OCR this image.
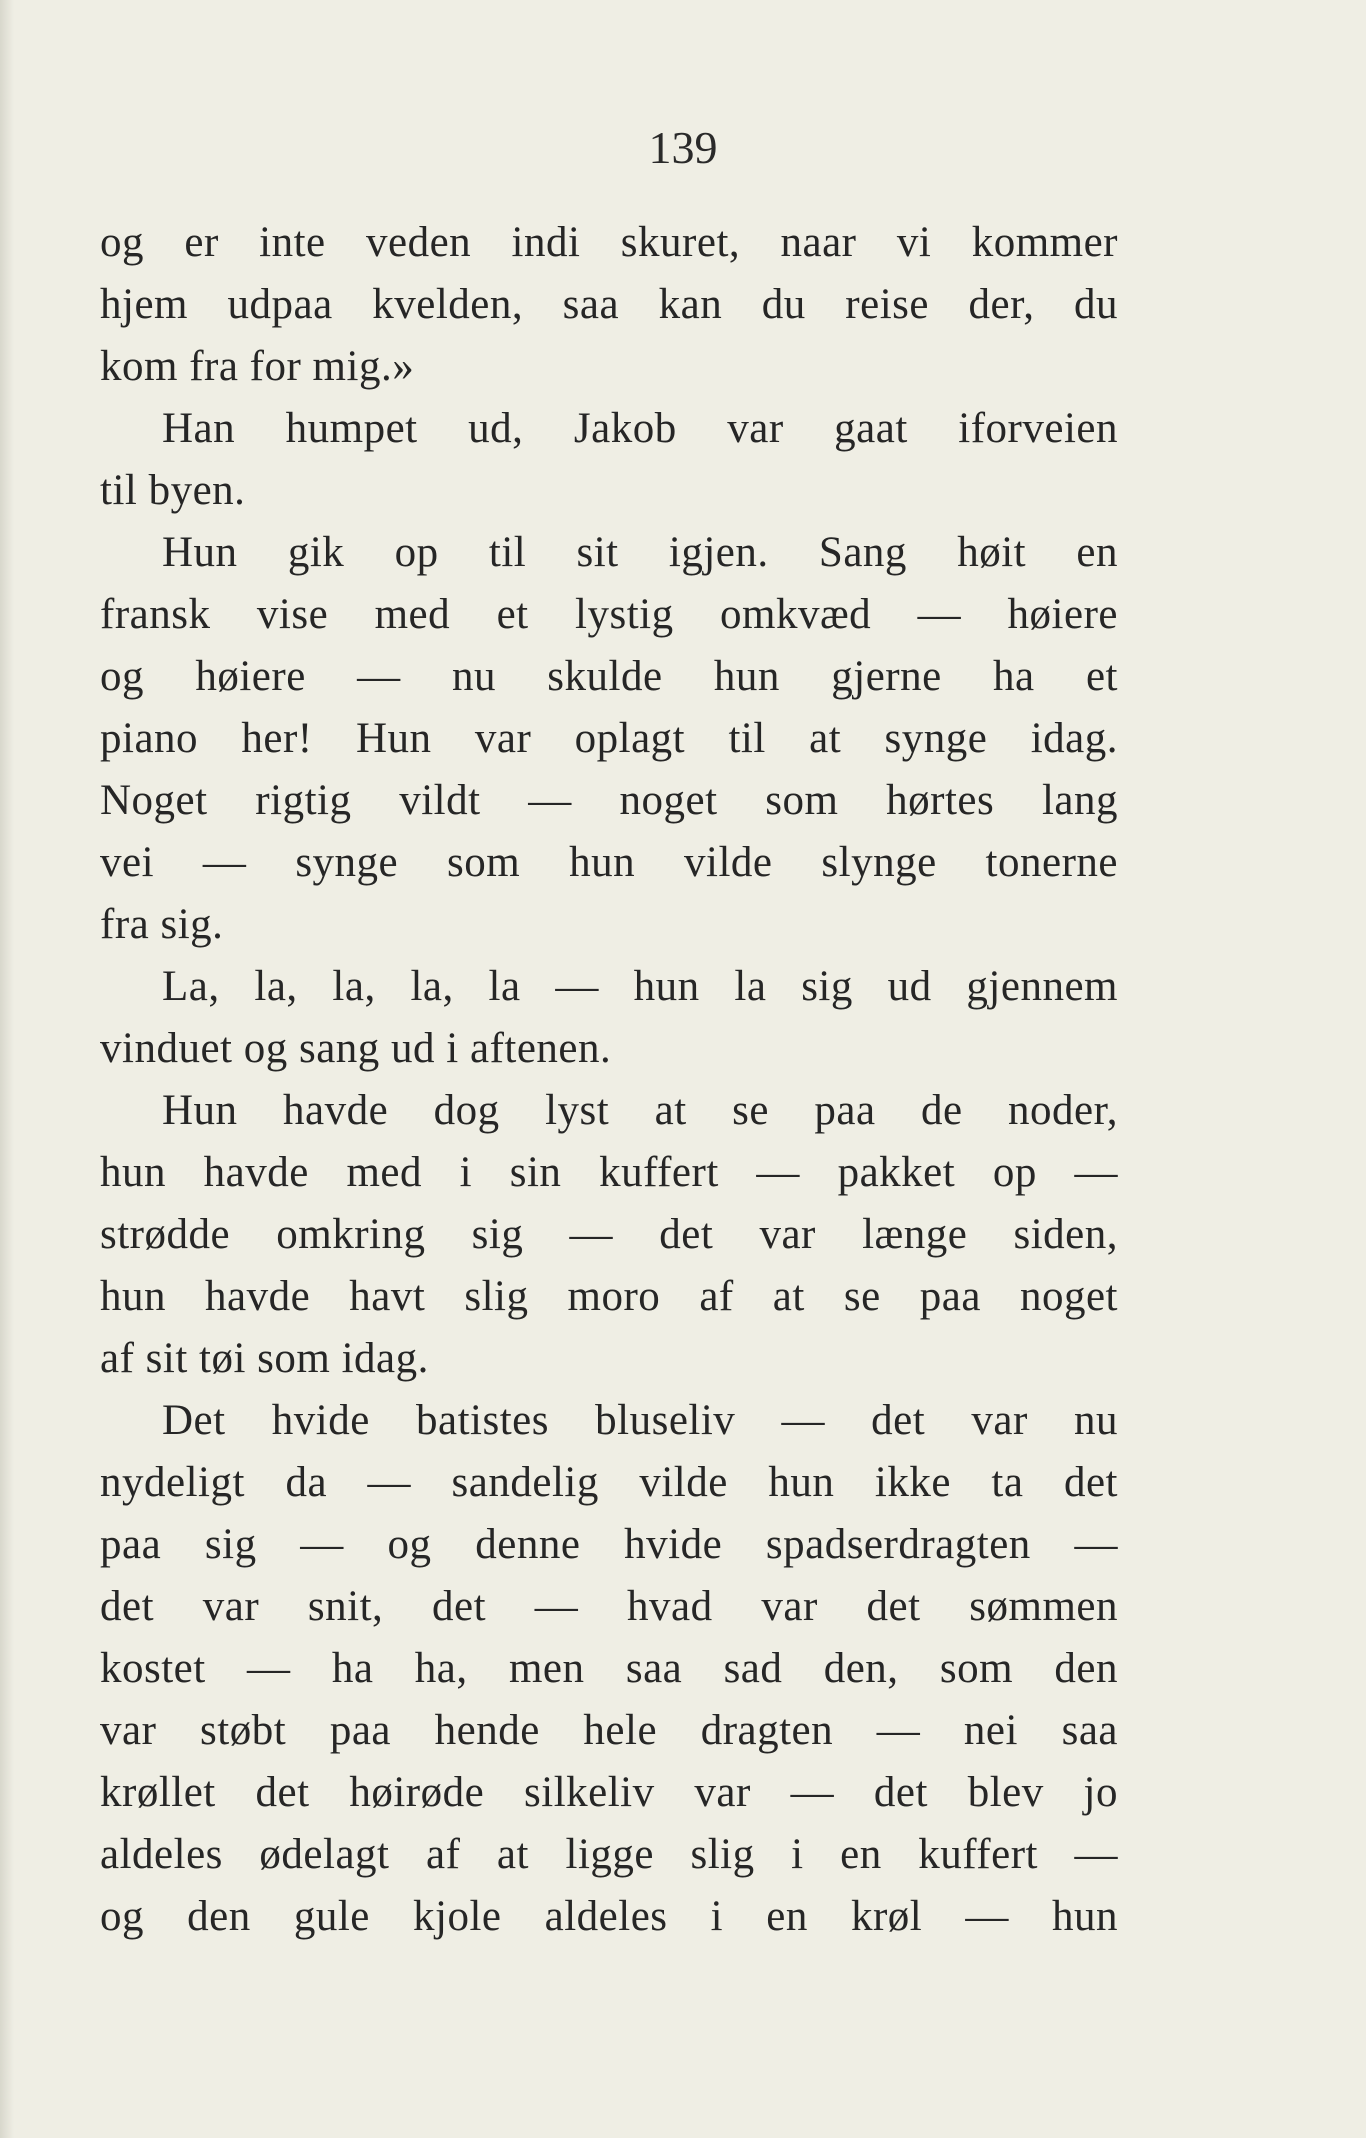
139
og er inte veden indi skuret, naar vi kommer
hjem udpaa kvelden, saa kan du reise der, du
kom fra for mig.»
Han humpet ud, Jakob var gaat iforveien
til byen.
Hun gik op til sit igjen. Sang høit en
fransk vise med et lystig omkvæd — høiere
og høiere — nu skulde hun gjerne ha et
piano her! Hun var oplagt til at synge idag.
Noget rigtig vildt — noget som hørtes lang
vei — synge som hun vilde slynge tonerne
fra sig.
La, la, la, la, la — hun la sig ud gjennem
vinduet og sang ud i aftenen.
Hun havde dog lyst at se paa de noder,
hun havde med i sin kuffert — pakket op —
strødde omkring sig — det var længe siden,
hun havde havt slig moro af at se paa noget
af sit tøi som idag.
Det hvide batistes bluseliv — det var nu
nydeligt da — sandelig vilde hun ikke ta det
paa sig — og denne hvide spadserdragten —
det var snit, det — hvad var det sømmen
kostet — ha ha, men saa sad den, som den
var støbt paa hende hele dragten — nei saa
krøllet det høirøde silkeliv var — det blev jo
aldeles ødelagt af at ligge slig i en kuffert —
og den gule kjole aldeles i en krøl — hun
